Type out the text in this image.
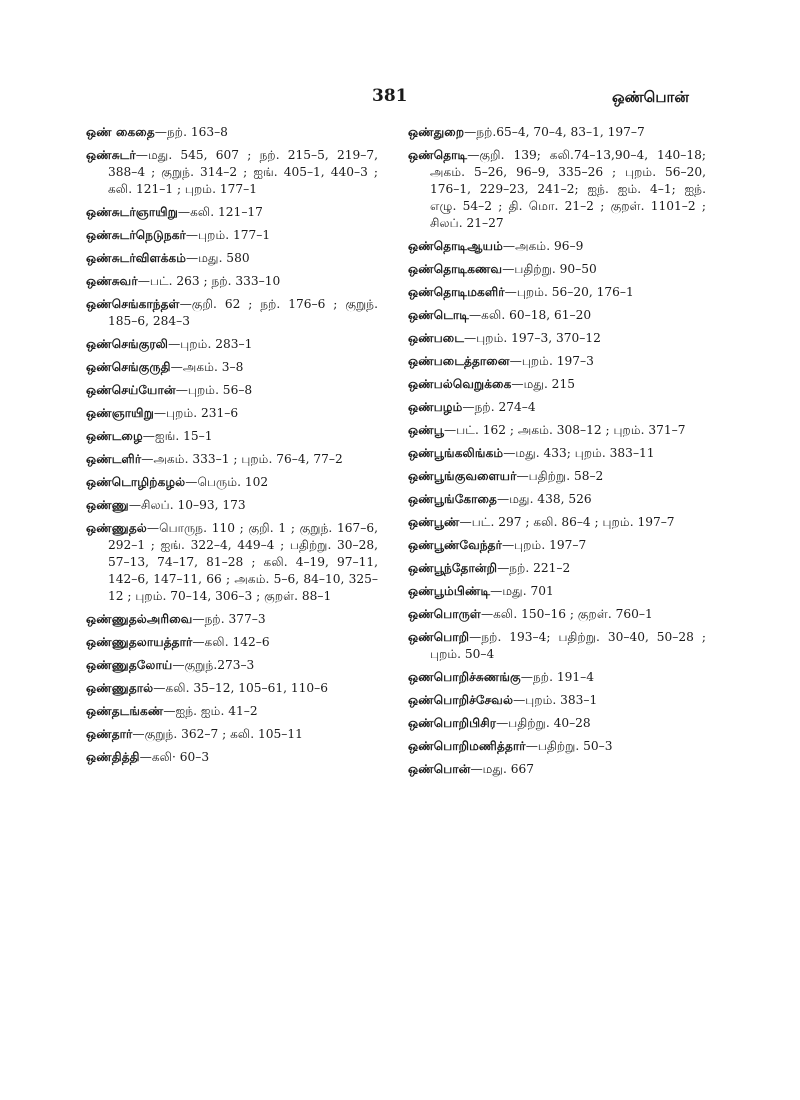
381	ஒண்பொன்
ஒண் கைதை—நற். 163–8
ஒண்சுடர்—மது. 545, 607 ; நற். 215–5, 219–7, 388–4 ; குறுந். 314–2 ; ஐங். 405–1, 440–3 ; கலி. 121–1 ; புறம். 177–1
ஒண்சுடர்ஞாயிறு—கலி. 121–17
ஒண்சுடர்நெடுநகர்—புறம். 177–1
ஒண்சுடர்விளக்கம்—மது. 580
ஒண்சுவர்—பட். 263 ; நற். 333–10
ஒண்செங்காந்தள்—குறி. 62 ; நற். 176–6 ; குறுந். 185–6, 284–3
ஒண்செங்குரலி—புறம். 283–1
ஒண்செங்குருதி—அகம். 3–8
ஒண்செய்யோன்—புறம். 56–8
ஒண்ஞாயிறு—புறம். 231–6
ஒண்டழை—ஐங். 15–1
ஒண்டளிர்—அகம். 333–1 ; புறம். 76–4, 77–2
ஒண்டொழிற்கழல்—பெரும். 102
ஒண்ணு—சிலப். 10–93, 173
ஒண்ணுதல்—பொருந. 110 ; குறி. 1 ; குறுந். 167–6, 292–1 ; ஐங். 322–4, 449–4 ; பதிற்று. 30–28, 57–13, 74–17, 81–28 ; கலி. 4–19, 97–11, 142–6, 147–11, 66 ; அகம். 5–6, 84–10, 325–12 ; புறம். 70–14, 306–3 ; குறள். 88–1
ஒண்ணுதல்அரிவை—நற். 377–3
ஒண்ணுதலாயத்தார்—கலி. 142–6
ஒண்ணுதலோய்—குறுந்.273–3
ஒண்ணுதால்—கலி. 35–12, 105–61, 110–6
ஒண்தடங்கண்—ஐந். ஐம். 41–2
ஒண்தார்—குறுந். 362–7 ; கலி. 105–11
ஒண்தித்தி—கலி· 60–3
ஒண்துறை—நற்.65–4, 70–4, 83–1, 197–7
ஒண்தொடி—குறி. 139; கலி.74–13,90–4, 140–18; அகம். 5–26, 96–9, 335–26 ; புறம். 56–20, 176–1, 229–23, 241–2; ஐந். ஐம். 4–1; ஐந். எழு. 54–2 ; தி. மொ. 21–2 ; குறள். 1101–2 ; சிலப். 21–27
ஒண்தொடிஆயம்—அகம். 96–9
ஒண்தொடிகணவ—பதிற்று. 90–50
ஒண்தொடிமகளிர்—புறம். 56–20, 176–1
ஒண்டொடி—கலி. 60–18, 61–20
ஒண்படை—புறம். 197–3, 370–12
ஒண்படைத்தானை—புறம். 197–3
ஒண்பல்வெறுக்கை—மது. 215
ஒண்பழம்—நற். 274–4
ஒண்பூ—பட். 162 ; அகம். 308–12 ; புறம். 371–7
ஒண்பூங்கலிங்கம்—மது. 433; புறம். 383–11
ஒண்பூங்குவளையர்—பதிற்று. 58–2
ஒண்பூங்கோதை—மது. 438, 526
ஒண்பூண்—பட். 297 ; கலி. 86–4 ; புறம். 197–7
ஒண்பூண்வேந்தர்—புறம். 197–7
ஒண்பூந்தோன்றி—நற். 221–2
ஒண்பூம்பிண்டி—மது. 701
ஒண்பொருள்—கலி. 150–16 ; குறள். 760–1
ஒண்பொறி—நற். 193–4; பதிற்று. 30–40, 50–28 ; புறம். 50–4
ஒணபொறிச்சுணங்கு—நற். 191–4
ஒண்பொறிச்சேவல்—புறம். 383–1
ஒண்பொறிபிசிர—பதிற்று. 40–28
ஒண்பொறிமணித்தார்—பதிற்று. 50–3
ஒண்பொன்—மது. 667
